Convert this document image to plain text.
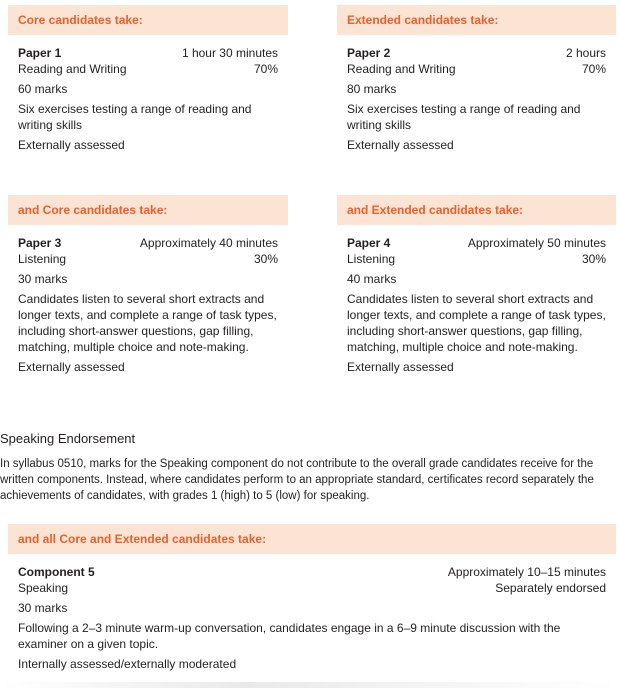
Core candidates take:
Paper 1	1 hour 30 minutes
Reading and Writing	70%
60 marks
Six exercises testing a range of reading and writing skills
Externally assessed
Extended candidates take:
Paper 2	2 hours
Reading and Writing	70%
80 marks
Six exercises testing a range of reading and writing skills
Externally assessed
and Core candidates take:
Paper 3	Approximately 40 minutes
Listening	30%
30 marks
Candidates listen to several short extracts and longer texts, and complete a range of task types, including short-answer questions, gap filling, matching, multiple choice and note-making.
Externally assessed
and Extended candidates take:
Paper 4	Approximately 50 minutes
Listening	30%
40 marks
Candidates listen to several short extracts and longer texts, and complete a range of task types, including short-answer questions, gap filling, matching, multiple choice and note-making.
Externally assessed
Speaking Endorsement
In syllabus 0510, marks for the Speaking component do not contribute to the overall grade candidates receive for the written components. Instead, where candidates perform to an appropriate standard, certificates record separately the achievements of candidates, with grades 1 (high) to 5 (low) for speaking.
and all Core and Extended candidates take:
Component 5	Approximately 10–15 minutes
Speaking	Separately endorsed
30 marks
Following a 2–3 minute warm-up conversation, candidates engage in a 6–9 minute discussion with the examiner on a given topic.
Internally assessed/externally moderated
